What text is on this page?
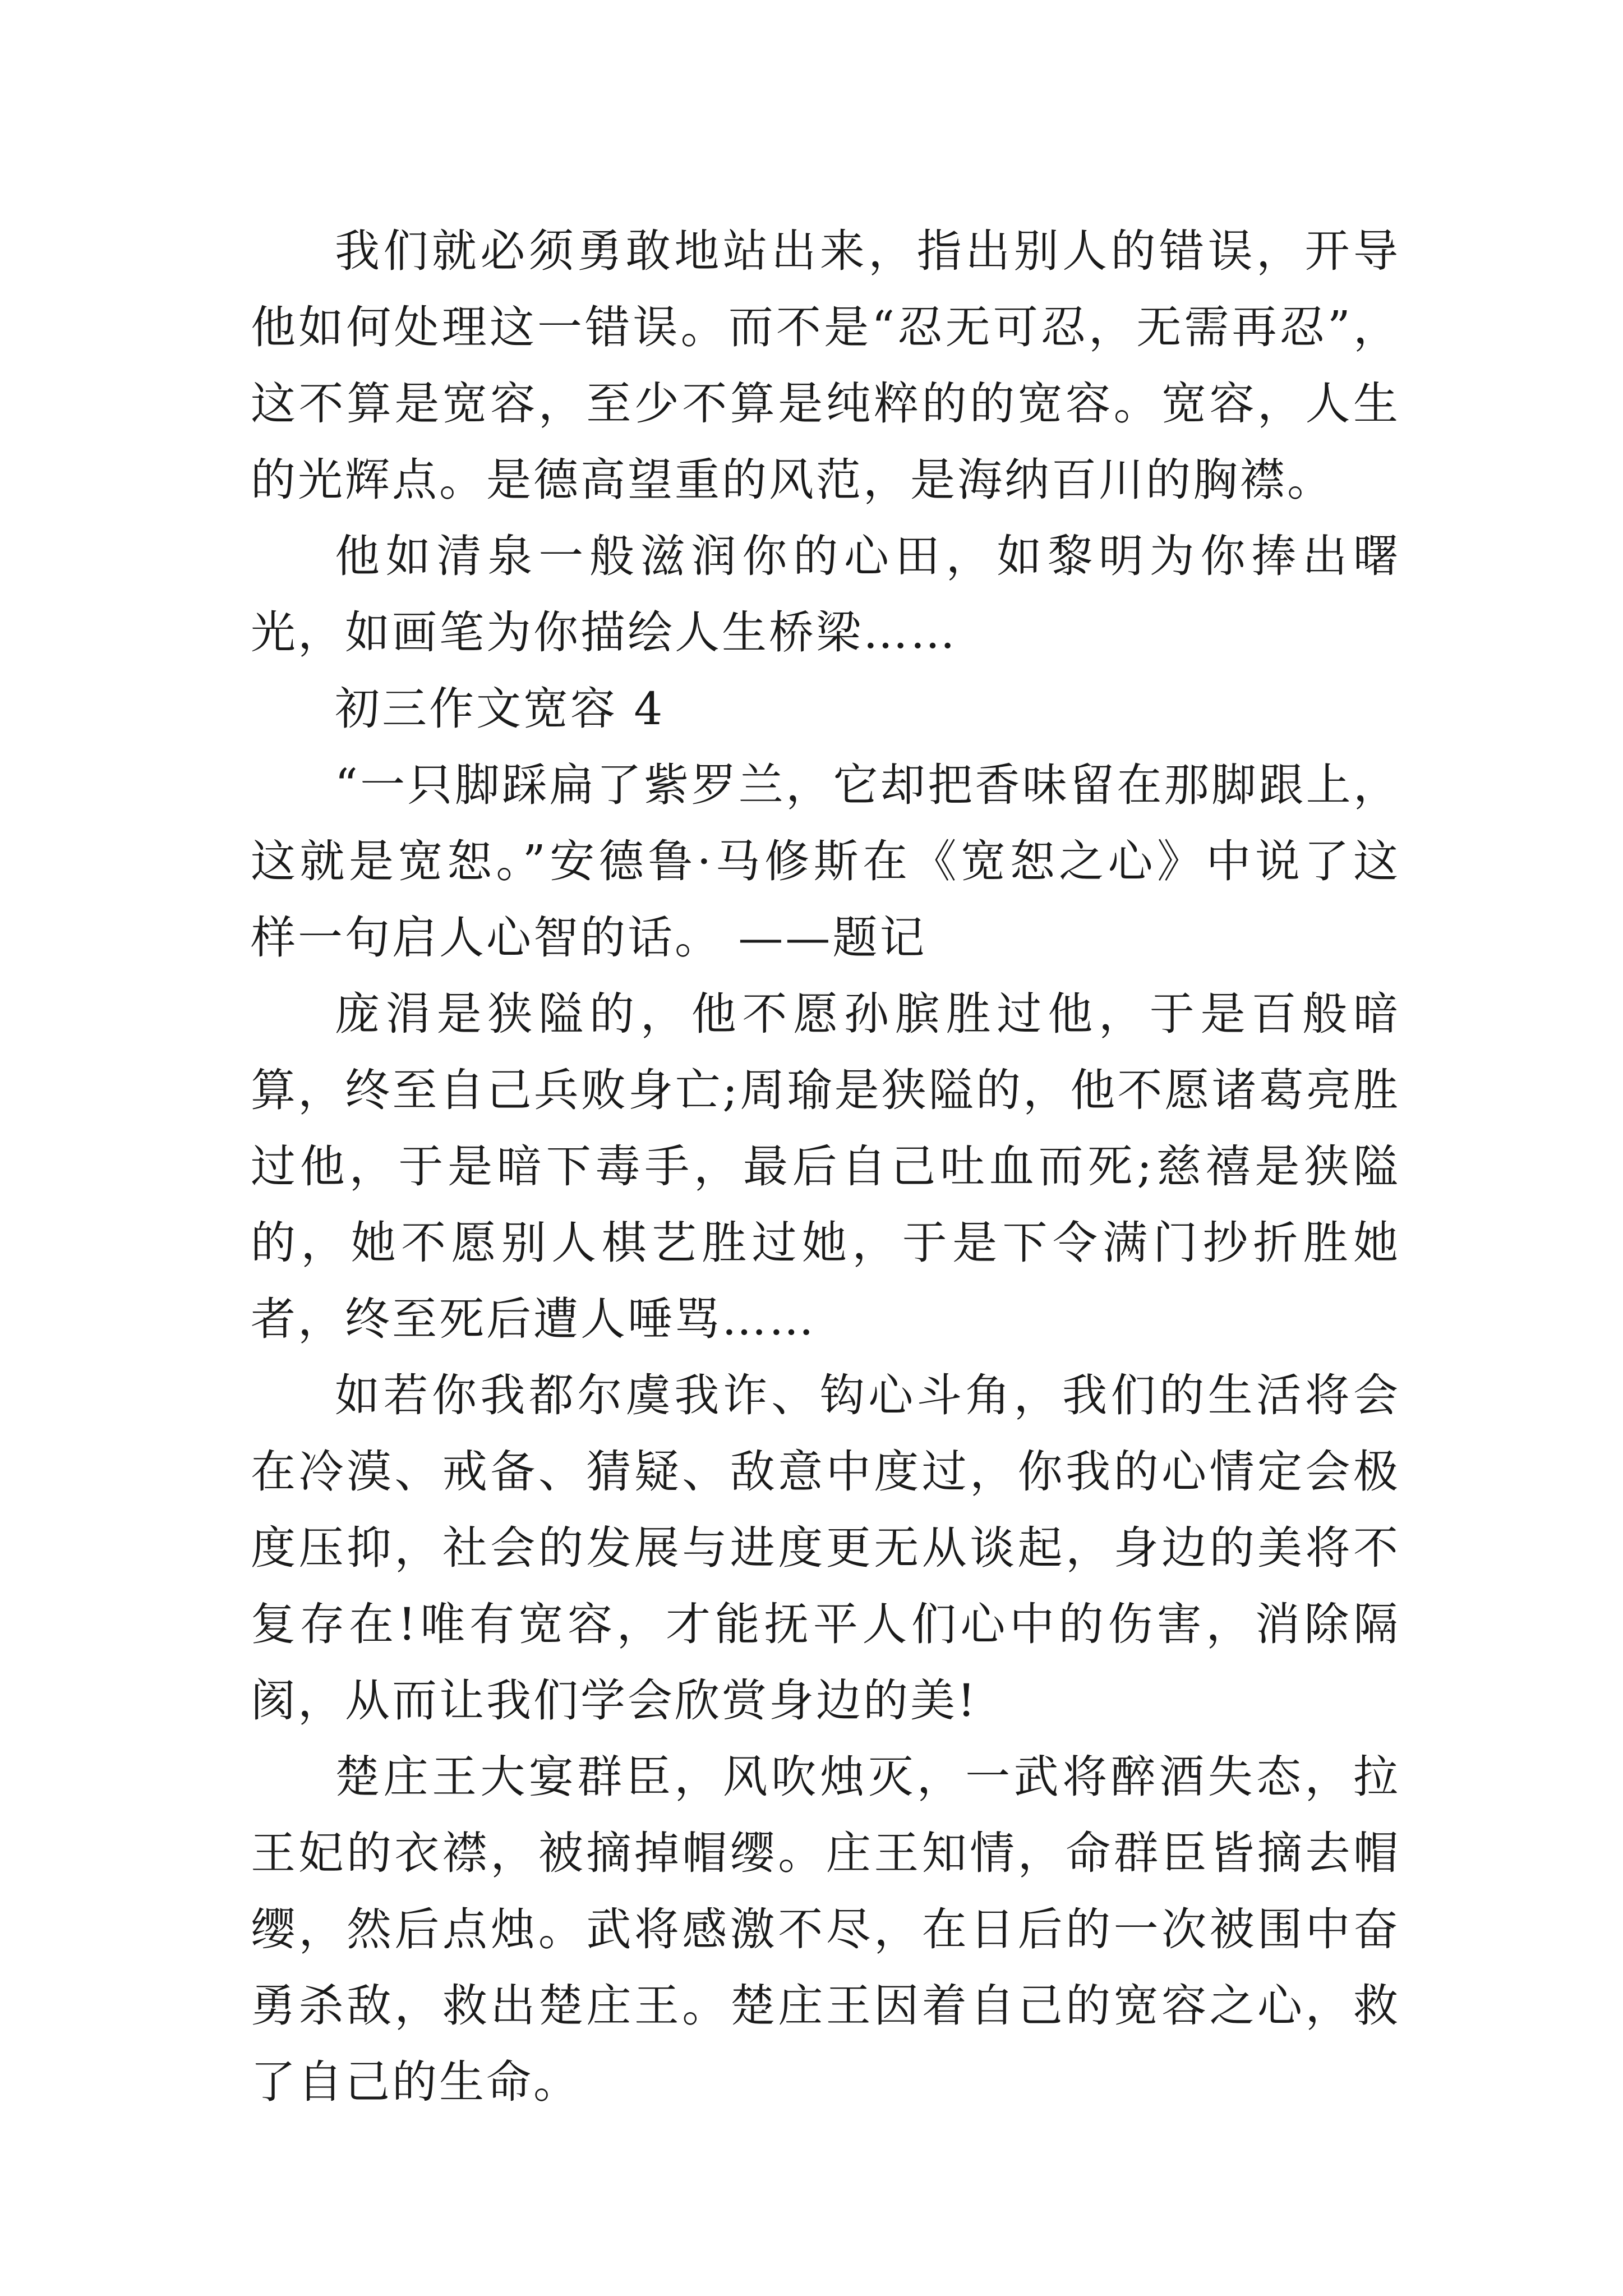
我们就必须勇敢地站出来，指出别人的错误，开导他如何处理这一错误。而不是“忍无可忍，无需再忍”，这不算是宽容，至少不算是纯粹的的宽容。宽容，人生的光辉点。是德高望重的风范，是海纳百川的胸襟。

他如清泉一般滋润你的心田，如黎明为你捧出曙光，如画笔为你描绘人生桥梁……

初三作文宽容 4

“一只脚踩扁了紫罗兰，它却把香味留在那脚跟上，这就是宽恕。”安德鲁·马修斯在《宽恕之心》中说了这样一句启人心智的话。 ——题记

庞涓是狭隘的，他不愿孙膑胜过他，于是百般暗算，终至自己兵败身亡;周瑜是狭隘的，他不愿诸葛亮胜过他，于是暗下毒手，最后自己吐血而死;慈禧是狭隘的，她不愿别人棋艺胜过她，于是下令满门抄折胜她者，终至死后遭人唾骂……

如若你我都尔虞我诈、钩心斗角，我们的生活将会在冷漠、戒备、猜疑、敌意中度过，你我的心情定会极度压抑，社会的发展与进度更无从谈起，身边的美将不复存在!唯有宽容，才能抚平人们心中的伤害，消除隔阂，从而让我们学会欣赏身边的美!

楚庄王大宴群臣，风吹烛灭，一武将醉酒失态，拉王妃的衣襟，被摘掉帽缨。庄王知情，命群臣皆摘去帽缨，然后点烛。武将感激不尽，在日后的一次被围中奋勇杀敌，救出楚庄王。楚庄王因着自己的宽容之心，救了自己的生命。
